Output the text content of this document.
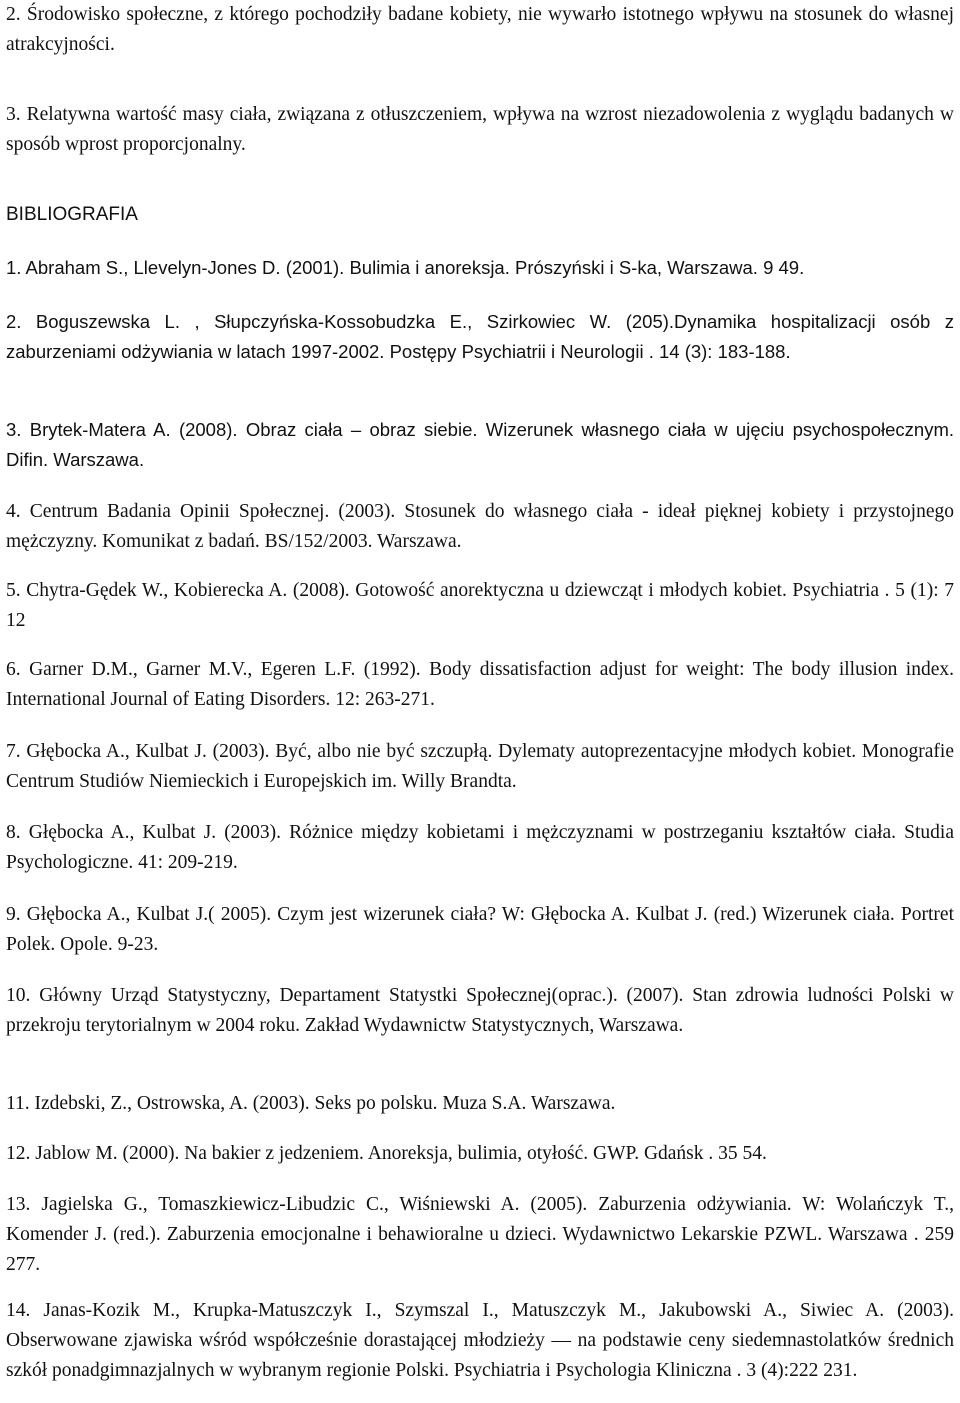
2. Środowisko społeczne, z którego pochodziły badane kobiety, nie wywarło istotnego wpływu na stosunek do własnej atrakcyjności.

3. Relatywna wartość masy ciała, związana z otłuszczeniem, wpływa na wzrost niezadowolenia z wyglądu badanych w sposób wprost proporcjonalny.

BIBLIOGRAFIA

1. Abraham S., Llevelyn-Jones D. (2001). Bulimia i anoreksja. Prószyński i S-ka, Warszawa. 9 49.

2. Boguszewska L. , Słupczyńska-Kossobudzka E., Szirkowiec W. (205).Dynamika hospitalizacji osób z zaburzeniami odżywiania w latach 1997-2002. Postępy Psychiatrii i Neurologii . 14 (3): 183-188.

3. Brytek-Matera A. (2008). Obraz ciała – obraz siebie. Wizerunek własnego ciała w ujęciu psychospołecznym. Difin. Warszawa.

4. Centrum Badania Opinii Społecznej. (2003). Stosunek do własnego ciała - ideał pięknej kobiety i przystojnego mężczyzny. Komunikat z badań. BS/152/2003. Warszawa.

5. Chytra-Gędek W., Kobierecka A. (2008). Gotowość anorektyczna u dziewcząt i młodych kobiet. Psychiatria . 5 (1): 7 12

6. Garner D.M., Garner M.V., Egeren L.F. (1992). Body dissatisfaction adjust for weight: The body illusion index. International Journal of Eating Disorders. 12: 263-271.

7. Głębocka A., Kulbat J. (2003). Być, albo nie być szczupłą. Dylematy autoprezentacyjne młodych kobiet. Monografie Centrum Studiów Niemieckich i Europejskich im. Willy Brandta.

8. Głębocka A., Kulbat J. (2003). Różnice między kobietami i mężczyznami w postrzeganiu kształtów ciała. Studia Psychologiczne. 41: 209-219.

9. Głębocka A., Kulbat J.( 2005). Czym jest wizerunek ciała? W: Głębocka A. Kulbat J. (red.) Wizerunek ciała. Portret Polek. Opole. 9-23.

10. Główny Urząd Statystyczny, Departament Statystki Społecznej(oprac.). (2007). Stan zdrowia ludności Polski w przekroju terytorialnym w 2004 roku. Zakład Wydawnictw Statystycznych, Warszawa.

11. Izdebski, Z., Ostrowska, A. (2003). Seks po polsku. Muza S.A. Warszawa.

12. Jablow M. (2000). Na bakier z jedzeniem. Anoreksja, bulimia, otyłość. GWP. Gdańsk . 35 54.

13. Jagielska G., Tomaszkiewicz-Libudzic C., Wiśniewski A. (2005). Zaburzenia odżywiania. W: Wolańczyk T., Komender J. (red.). Zaburzenia emocjonalne i behawioralne u dzieci. Wydawnictwo Lekarskie PZWL. Warszawa . 259 277.

14. Janas-Kozik M., Krupka-Matuszczyk I., Szymszal I., Matuszczyk M., Jakubowski A., Siwiec A. (2003). Obserwowane zjawiska wśród współcześnie dorastającej młodzieży — na podstawie ceny siedemnastolatków średnich szkół ponadgimnazjalnych w wybranym regionie Polski. Psychiatria i Psychologia Kliniczna . 3 (4):222 231.
